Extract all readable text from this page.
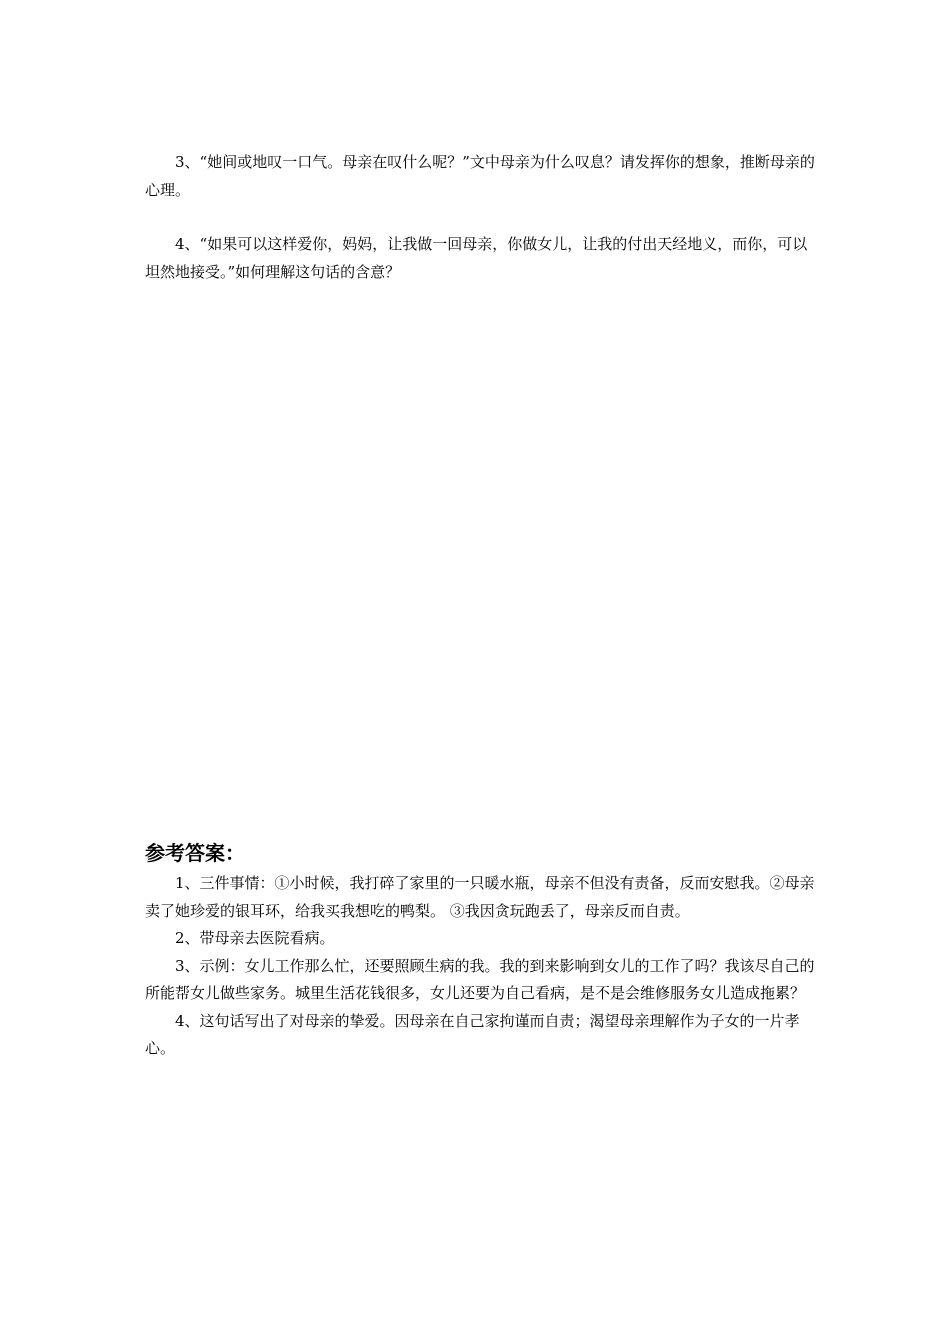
3、“她间或地叹一口气。母亲在叹什么呢？”文中母亲为什么叹息？请发挥你的想象，推断母亲的心理。

4、“如果可以这样爱你，妈妈，让我做一回母亲，你做女儿，让我的付出天经地义，而你，可以坦然地接受。”如何理解这句话的含意？

参考答案：

1、三件事情：①小时候，我打碎了家里的一只暖水瓶，母亲不但没有责备，反而安慰我。②母亲卖了她珍爱的银耳环，给我买我想吃的鸭梨。 ③我因贪玩跑丢了，母亲反而自责。

2、带母亲去医院看病。

3、示例：女儿工作那么忙，还要照顾生病的我。我的到来影响到女儿的工作了吗？我该尽自己的所能帮女儿做些家务。城里生活花钱很多，女儿还要为自己看病，是不是会维修服务女儿造成拖累？

4、这句话写出了对母亲的挚爱。因母亲在自己家拘谨而自责；渴望母亲理解作为子女的一片孝心。
